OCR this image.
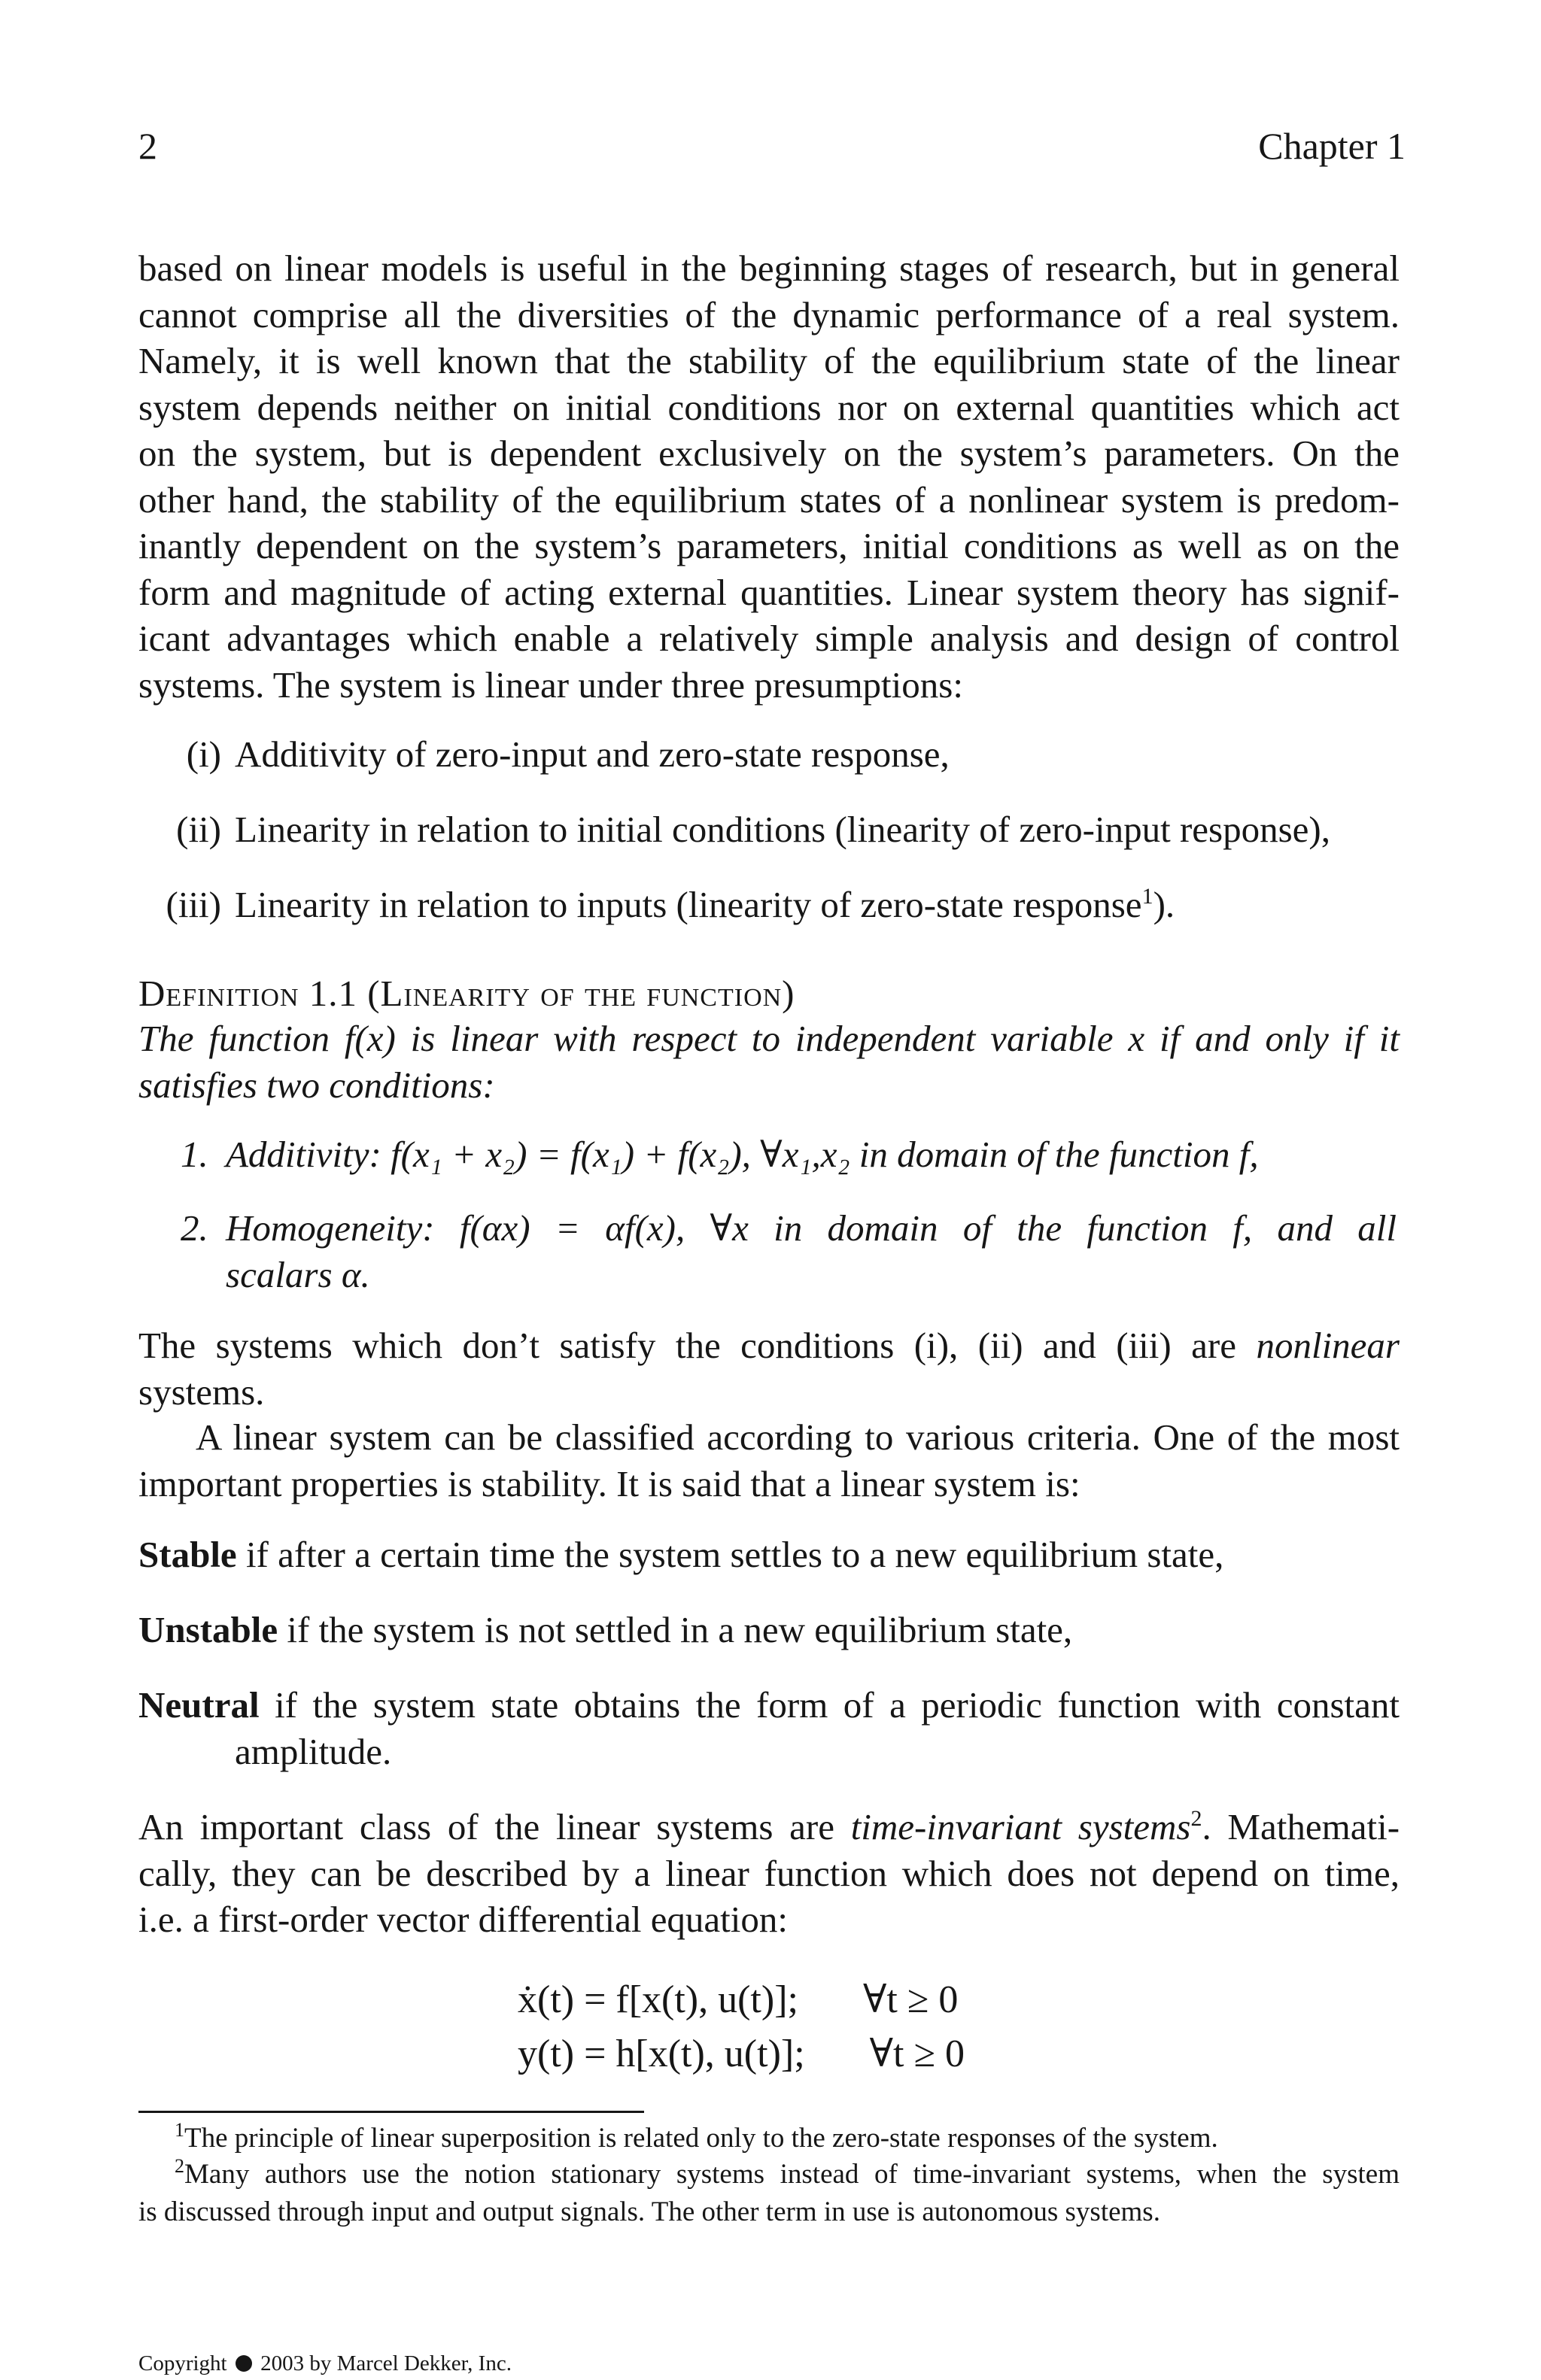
2	Chapter 1

based on linear models is useful in the beginning stages of research, but in general
cannot comprise all the diversities of the dynamic performance of a real system.
Namely, it is well known that the stability of the equilibrium state of the linear
system depends neither on initial conditions nor on external quantities which act
on the system, but is dependent exclusively on the system’s parameters. On the
other hand, the stability of the equilibrium states of a nonlinear system is predom-
inantly dependent on the system’s parameters, initial conditions as well as on the
form and magnitude of acting external quantities. Linear system theory has signif-
icant advantages which enable a relatively simple analysis and design of control
systems. The system is linear under three presumptions:

(i) Additivity of zero-input and zero-state response,
(ii) Linearity in relation to initial conditions (linearity of zero-input response),
(iii) Linearity in relation to inputs (linearity of zero-state response$^1$).
Definition 1.1 (Linearity of the function)
The function f(x) is linear with respect to independent variable x if and only if it
satisfies two conditions:
1. Additivity: f(x₁ + x₂) = f(x₁) + f(x₂), ∀x₁,x₂ in domain of the function f,
2. Homogeneity: f(αx) = αf(x), ∀x in domain of the function f, and all
scalars α.

The systems which don’t satisfy the conditions (i), (ii) and (iii) are nonlinear
systems.

A linear system can be classified according to various criteria. One of the most
important properties is stability. It is said that a linear system is:

Stable if after a certain time the system settles to a new equilibrium state,
Unstable if the system is not settled in a new equilibrium state,
Neutral if the system state obtains the form of a periodic function with constant
amplitude.

An important class of the linear systems are time-invariant systems$^2$. Mathemati-
cally, they can be described by a linear function which does not depend on time,
i.e. a first-order vector differential equation:

ẋ(t) = f[x(t), u(t)]; ∀t ≥ 0
y(t) = h[x(t), u(t)]; ∀t ≥ 0
$^1$The principle of linear superposition is related only to the zero-state responses of the system.
$^2$Many authors use the notion stationary systems instead of time-invariant systems, when the system
is discussed through input and output signals. The other term in use is autonomous systems.
Copyright 2003 by Marcel Dekker, Inc.
